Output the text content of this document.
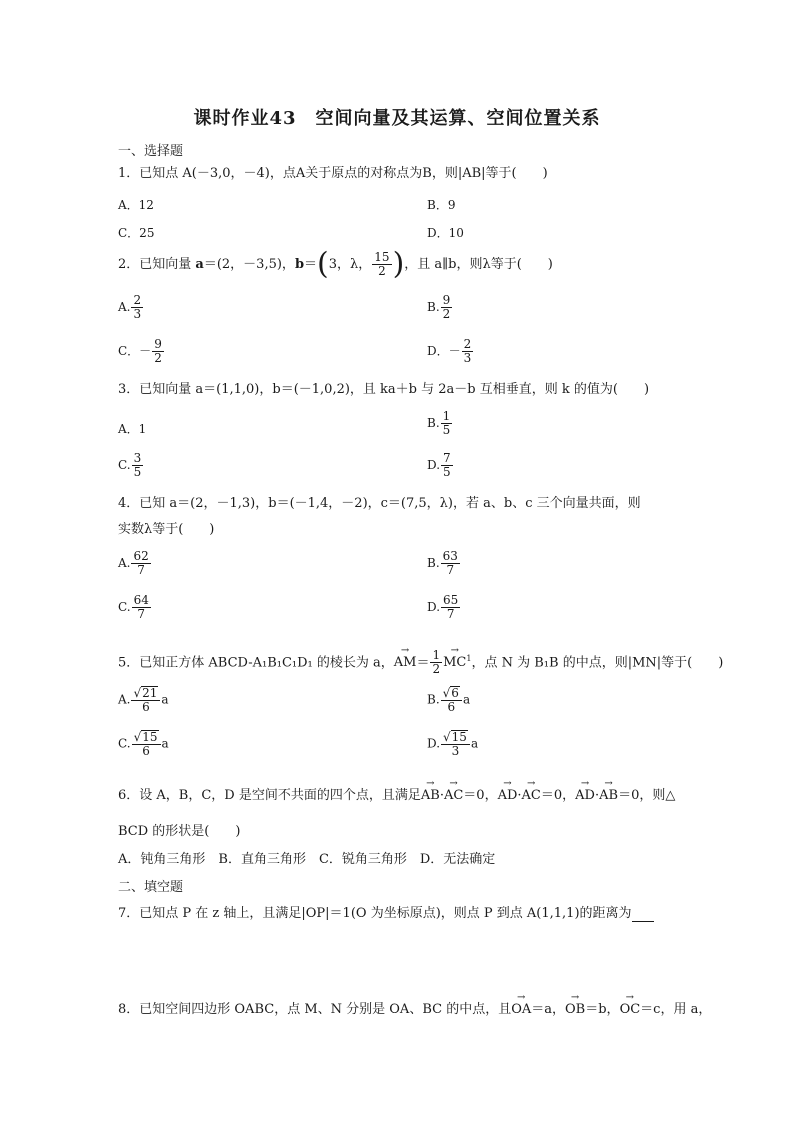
课时作业43　空间向量及其运算、空间位置关系
一、选择题
1．已知点 A(－3,0，－4)，点A关于原点的对称点为B，则|AB|等于(　　)
A．12	B．9
C．25	D．10
2．已知向量 a＝(2，－3,5)，b＝(3，λ， $\frac{15}{2}$ )，且 a∥b，则λ等于(　　)
A. $\frac{2}{3}$	B. $\frac{9}{2}$
C．－ $\frac{9}{2}$	D．－ $\frac{2}{3}$
3．已知向量 a＝(1,1,0)，b＝(－1,0,2)，且 ka＋b 与 2a－b 互相垂直，则 k 的值为(　　)
A．1	B. $\frac{1}{5}$
C. $\frac{3}{5}$	D. $\frac{7}{5}$
4．已知 a＝(2，－1,3)，b＝(－1,4，－2)，c＝(7,5，λ)，若 a、b、c 三个向量共面，则
实数λ等于(　　)
A. $\frac{62}{7}$	B. $\frac{63}{7}$
C. $\frac{64}{7}$	D. $\frac{65}{7}$
5．已知正方体 ABCD-A₁B₁C₁D₁ 的棱长为 a，→ $AM= \frac{1}{2}$
→ $MC^1$，点 N 为 B₁B 的中点，则|MN|等于(　　)
A. $\frac{√21}{6}$ a	B. $\frac{√6}{6}$ a
C. $\frac{√15}{6}$ a	D. $\frac{√15}{3}$ a
6．设 A，B，C，D 是空间不共面的四个点，且满足→ AB·→ AC＝0，→ AD·→ AC＝0，→ AD·→ AB＝0，则△
BCD 的形状是(　　)
A．钝角三角形　B．直角三角形　C．锐角三角形　D．无法确定
二、填空题
7．已知点 P 在 z 轴上，且满足|OP|＝1(O 为坐标原点)，则点 P 到点 A(1,1,1)的距离为
8．已知空间四边形 OABC，点 M、N 分别是 OA、BC 的中点，且→ OA＝a，→ OB＝b，→ OC＝c，用 a，
